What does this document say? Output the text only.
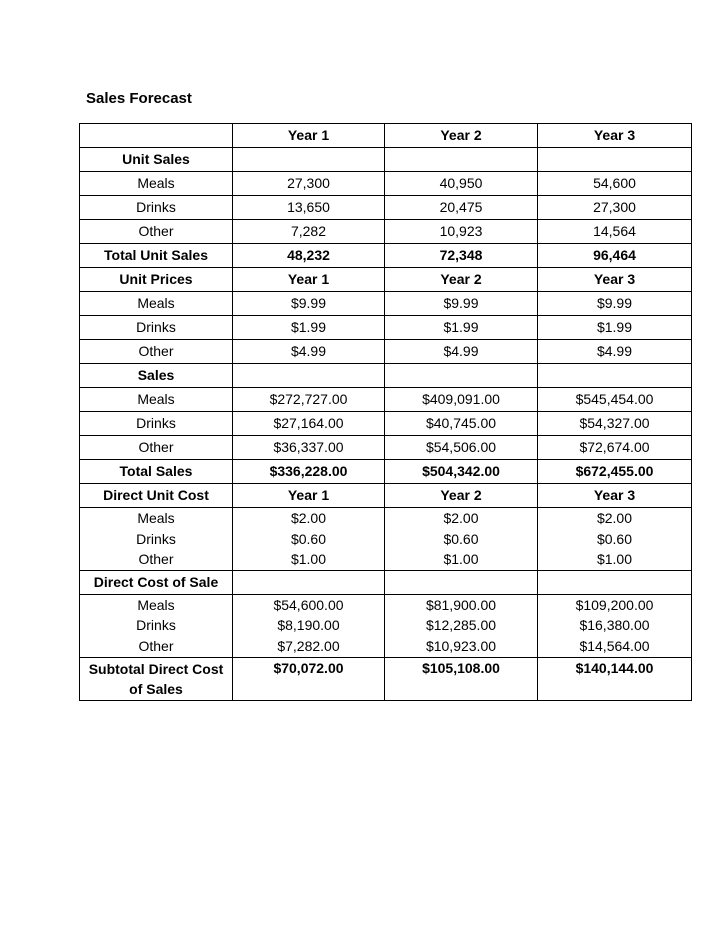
Sales Forecast
	Year 1	Year 2	Year 3
Unit Sales			
Meals	27,300	40,950	54,600
Drinks	13,650	20,475	27,300
Other	7,282	10,923	14,564
Total Unit Sales	48,232	72,348	96,464
Unit Prices	Year 1	Year 2	Year 3
Meals	$9.99	$9.99	$9.99
Drinks	$1.99	$1.99	$1.99
Other	$4.99	$4.99	$4.99
Sales			
Meals	$272,727.00	$409,091.00	$545,454.00
Drinks	$27,164.00	$40,745.00	$54,327.00
Other	$36,337.00	$54,506.00	$72,674.00
Total Sales	$336,228.00	$504,342.00	$672,455.00
Direct Unit Cost	Year 1	Year 2	Year 3
Meals	$2.00	$2.00	$2.00
Drinks	$0.60	$0.60	$0.60
Other	$1.00	$1.00	$1.00
Direct Cost of Sale			
Meals	$54,600.00	$81,900.00	$109,200.00
Drinks	$8,190.00	$12,285.00	$16,380.00
Other	$7,282.00	$10,923.00	$14,564.00
Subtotal Direct Cost of Sales	$70,072.00	$105,108.00	$140,144.00
